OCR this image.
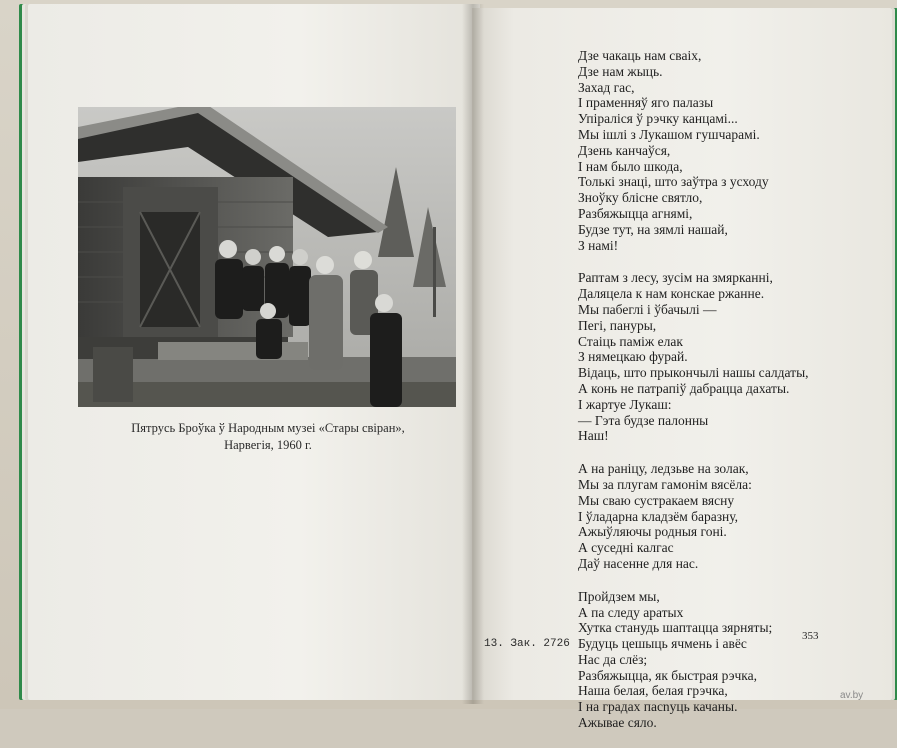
Пятрусь Броўка ў Народным музеі «Стары свіран»,
Нарвегія, 1960 г.
Дзе чакаць нам сваіх,
Дзе нам жыць.
Захад гас,
І праменняў яго палазы
Упіраліся ў рэчку канцамі...
Мы ішлі з Лукашом гушчарамі.
Дзень канчаўся,
І нам было шкода,
Толькі знаці, што заўтра з усходу
Зноўку бліснe святло,
Разбяжыцца агнямі,
Будзе тут, на зямлі нашай,
З намі!
Раптам з лесу, зусім на змярканні,
Даляцела к нам конскае ржанне.
Мы пабеглі і ўбачылі —
Пегі, пануры,
Стаіць паміж елак
З нямецкаю фурай.
Відаць, што прыкончылі нашы салдаты,
А конь не патрапіў дабрацца дахаты.
І жартуе Лукаш:
— Гэта будзе палонны
Наш!
А на раніцу, ледзьве на золак,
Мы за плугам гамонім вясёла:
Мы сваю сустракаем вясну
І ўладарна кладзём баразну,
Ажыўляючы родныя гоні.
А суседні калгас
Даў насенне для нас.
Пройдзем мы,
А па следу аратых
Хутка станудь шаптаццa зярняты;
Будуць цешыць ячмень і авёс
Нас да слёз;
Разбяжыцца, як быстрая рэчка,
Наша белая, белая грэчка,
І на градах пасnуць качаны.
Ажывае сяло.
13. Зак. 2726
353
av.by
